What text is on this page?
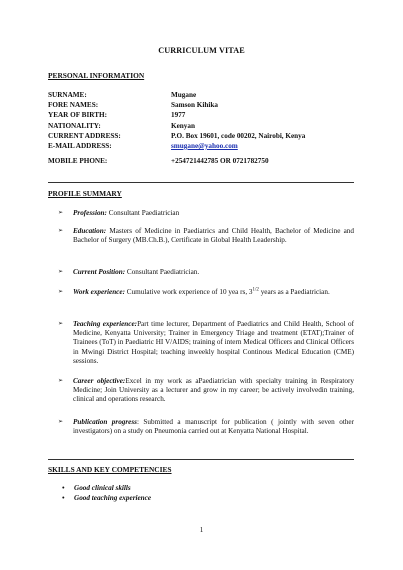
CURRICULUM VITAE
PERSONAL INFORMATION
SURNAME:	Mugane
FORE NAMES:	Samson Kihika
YEAR OF BIRTH:	1977
NATIONALITY:	Kenyan
CURRENT ADDRESS:	P.O. Box 19601, code 00202, Nairobi, Kenya
E-MAIL ADDRESS:	smugane@yahoo.com
MOBILE PHONE:	+254721442785 OR 0721782750
PROFILE SUMMARY
➢ Profession: Consultant Paediatrician
➢ Education: Masters of Medicine in Paediatrics and Child Health, Bachelor of Medicine and Bachelor of Surgery (MB.Ch.B.), Certificate in Global Health Leadership.
➢ Current Position: Consultant Paediatrician.
➢ Work experience: Cumulative work experience of 10 yea rs, $3^{1/2}$ years as a Paediatrician.
➢ Teaching experience:Part time lecturer, Department of Paediatrics and Child Health, School of Medicine, Kenyatta University; Trainer in Emergency Triage and treatment (ETAT);Trainer of Trainees (ToT) in Paediatric HI V/AIDS; training of intern Medical Officers and Clinical Officers in Mwingi District Hospital; teaching inweekly hospital Continous Medical Education (CME) sessions.
➢ Career objective:Excel in my work as aPaediatrician with specialty training in Respiratory Medicine; Join University as a lecturer and grow in my career; be actively involvedin training, clinical and operations research.
➢ Publication progress: Submitted a manuscript for publication ( jointly with seven other investigators) on a study on Pneumonia carried out at Kenyatta National Hospital.
SKILLS AND KEY COMPETENCIES
• Good clinical skills
• Good teaching experience
1
